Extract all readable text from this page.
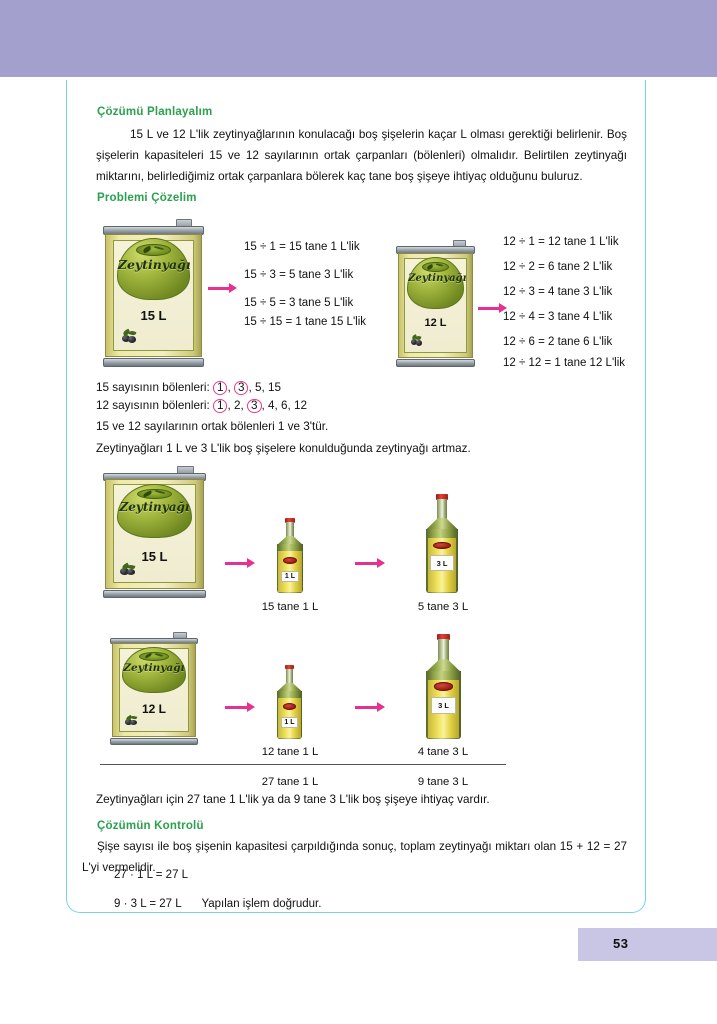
53
Çözümü Planlayalım
15 L ve 12 L'lik zeytinyağlarının konulacağı boş şişelerin kaçar L olması gerektiği belirlenir. Boş şişelerin kapasiteleri 15 ve 12 sayılarının ortak çarpanları (bölenleri) olmalıdır. Belirtilen zeytinyağı miktarını, belirlediğimiz ortak çarpanlara bölerek kaç tane boş şişeye ihtiyaç olduğunu buluruz.
Problemi Çözelim
Zeytinyağı
15 L
15 ÷ 1 = 15 tane 1 L'lik
15 ÷ 3 = 5 tane 3 L'lik
15 ÷ 5 = 3 tane 5 L'lik
15 ÷ 15 = 1 tane 15 L'lik
Zeytinyağı
12 L
12 ÷ 1 = 12 tane 1 L'lik
12 ÷ 2 = 6 tane 2 L'lik
12 ÷ 3 = 4 tane 3 L'lik
12 ÷ 4 = 3 tane 4 L'lik
12 ÷ 6 = 2 tane 6 L'lik
12 ÷ 12 = 1 tane 12 L'lik
15 sayısının bölenleri: 1 , 3 , 5, 15
12 sayısının bölenleri: 1 , 2, 3 , 4, 6, 12
15 ve 12 sayılarının ortak bölenleri 1 ve 3'tür.
Zeytinyağları 1 L ve 3 L'lik boş şişelere konulduğunda zeytinyağı artmaz.
Zeytinyağı
15 L
1 L
3 L
15 tane 1 L	5 tane 3 L
Zeytinyağı
12 L
1 L
3 L
12 tane 1 L	4 tane 3 L
27 tane 1 L	9 tane 3 L
Zeytinyağları için 27 tane 1 L'lik ya da 9 tane 3 L'lik boş şişeye ihtiyaç vardır.
Çözümün Kontrolü
Şişe sayısı ile boş şişenin kapasitesi çarpıldığında sonuç, toplam zeytinyağı miktarı olan 15 + 12 = 27 L'yi vermelidir.
27 · 1 L = 27 L
9 · 3 L = 27 L Yapılan işlem doğrudur.
